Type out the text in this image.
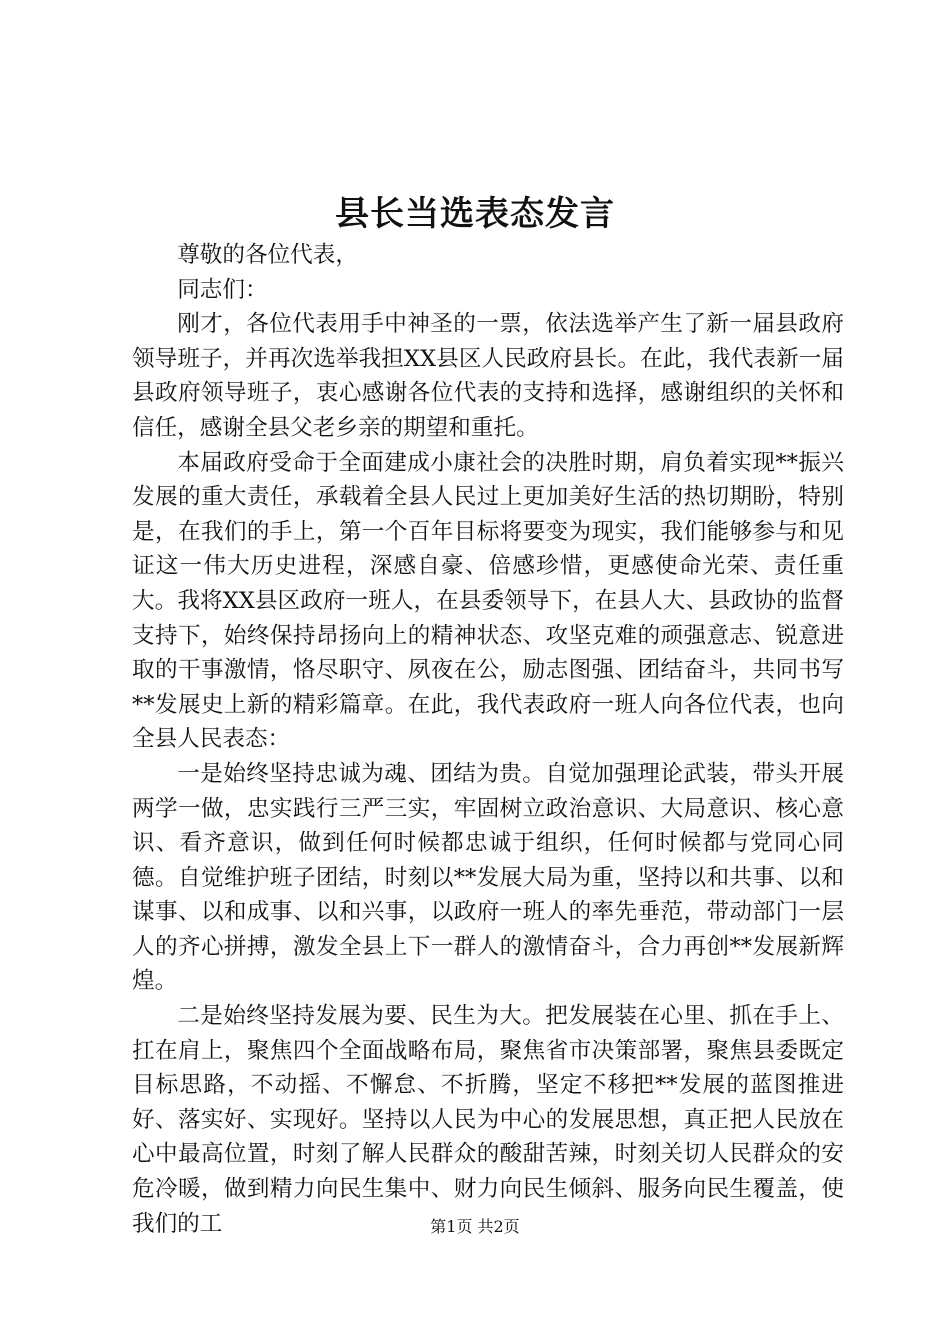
县长当选表态发言

尊敬的各位代表，

同志们：

刚才，各位代表用手中神圣的一票，依法选举产生了新一届县政府领导班子，并再次选举我担XX县区人民政府县长。在此，我代表新一届县政府领导班子，衷心感谢各位代表的支持和选择，感谢组织的关怀和信任，感谢全县父老乡亲的期望和重托。

本届政府受命于全面建成小康社会的决胜时期，肩负着实现**振兴发展的重大责任，承载着全县人民过上更加美好生活的热切期盼，特别是，在我们的手上，第一个百年目标将要变为现实，我们能够参与和见证这一伟大历史进程，深感自豪、倍感珍惜，更感使命光荣、责任重大。我将XX县区政府一班人，在县委领导下，在县人大、县政协的监督支持下，始终保持昂扬向上的精神状态、攻坚克难的顽强意志、锐意进取的干事激情，恪尽职守、夙夜在公，励志图强、团结奋斗，共同书写**发展史上新的精彩篇章。在此，我代表政府一班人向各位代表，也向全县人民表态：

一是始终坚持忠诚为魂、团结为贵。自觉加强理论武装，带头开展两学一做，忠实践行三严三实，牢固树立政治意识、大局意识、核心意识、看齐意识，做到任何时候都忠诚于组织，任何时候都与党同心同德。自觉维护班子团结，时刻以**发展大局为重，坚持以和共事、以和谋事、以和成事、以和兴事，以政府一班人的率先垂范，带动部门一层人的齐心拼搏，激发全县上下一群人的激情奋斗，合力再创**发展新辉煌。

二是始终坚持发展为要、民生为大。把发展装在心里、抓在手上、扛在肩上，聚焦四个全面战略布局，聚焦省市决策部署，聚焦县委既定目标思路，不动摇、不懈怠、不折腾，坚定不移把**发展的蓝图推进好、落实好、实现好。坚持以人民为中心的发展思想，真正把人民放在心中最高位置，时刻了解人民群众的酸甜苦辣，时刻关切人民群众的安危冷暖，做到精力向民生集中、财力向民生倾斜、服务向民生覆盖，使我们的工	第1页 共2页
